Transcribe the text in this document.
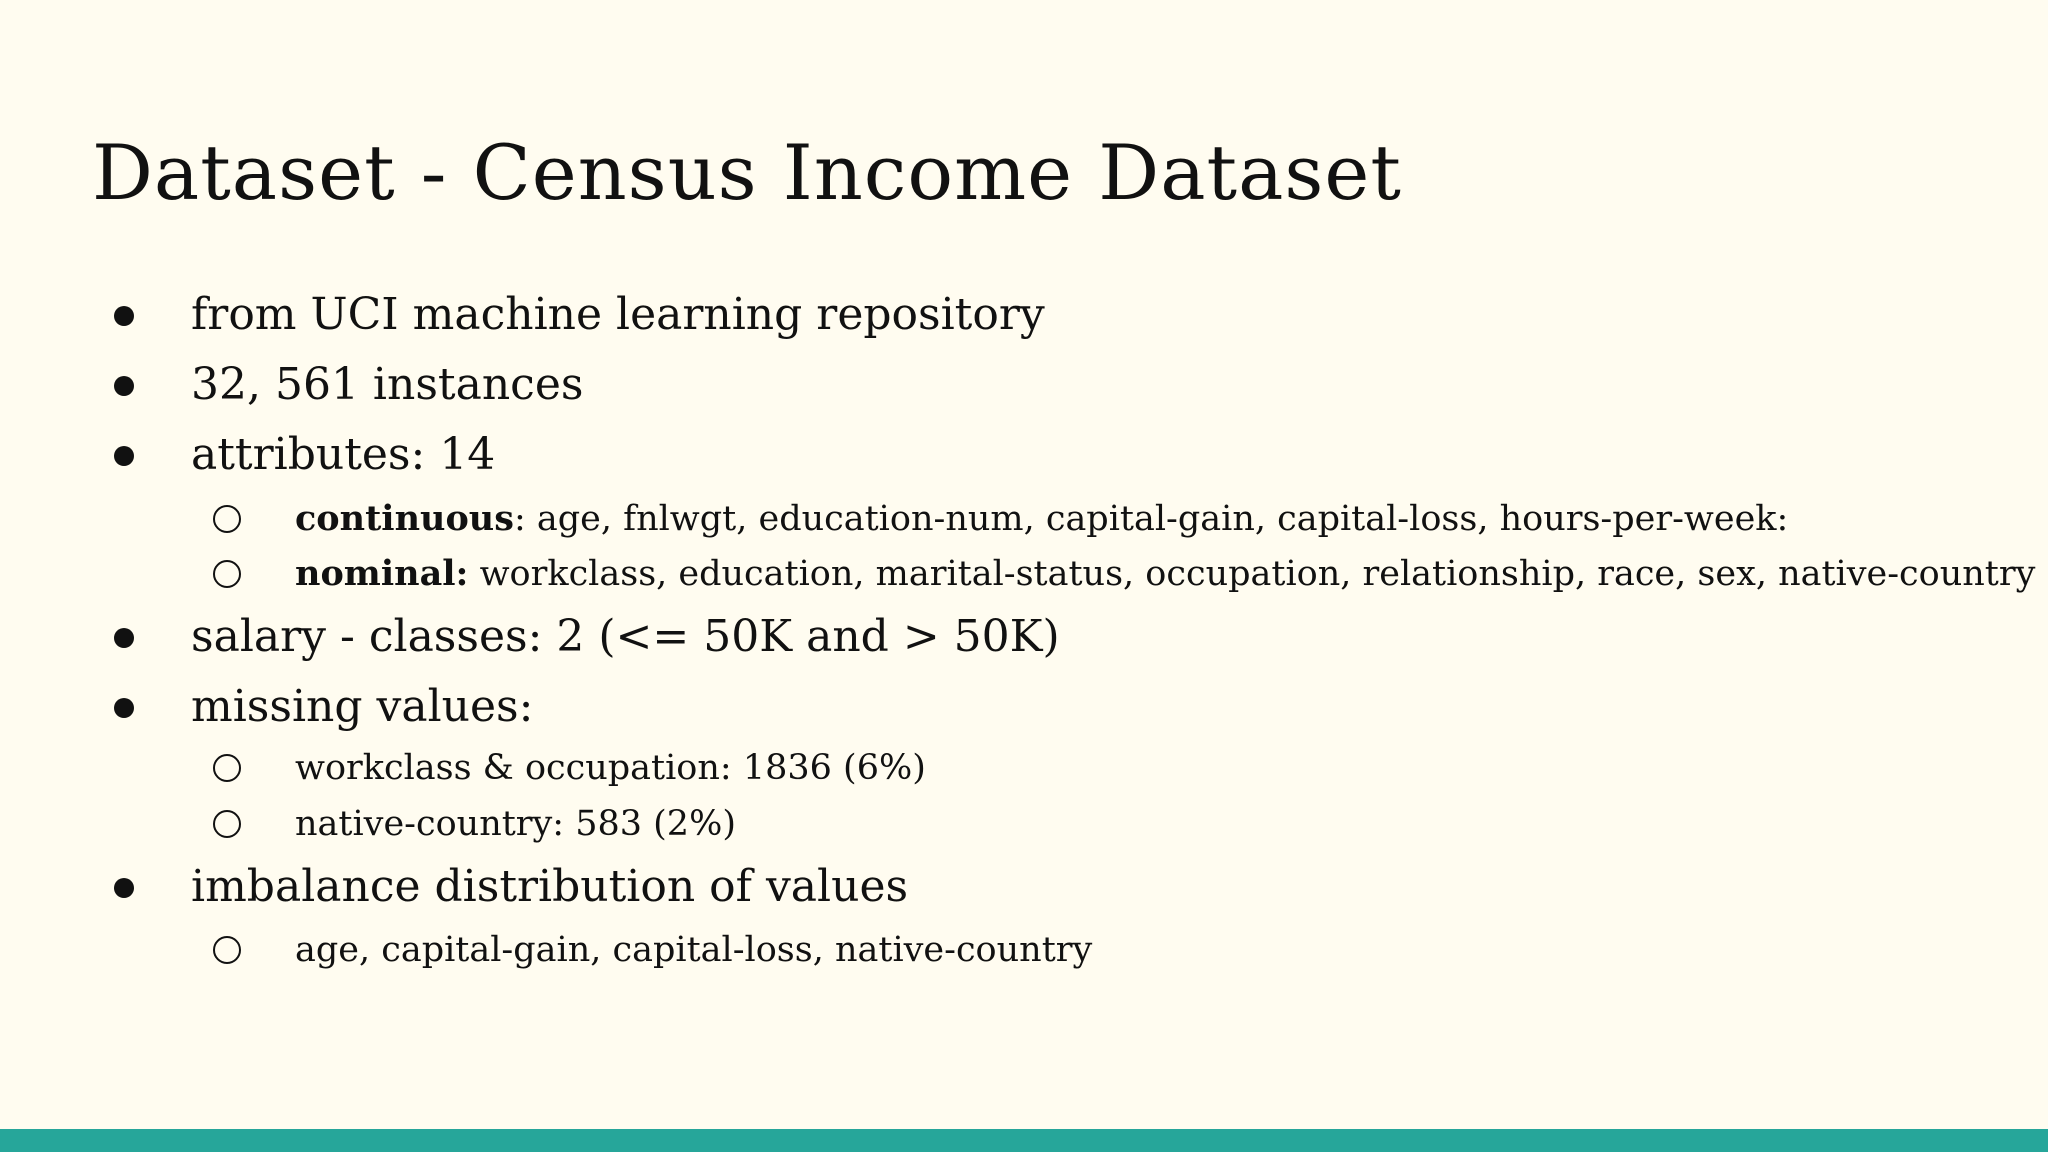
Dataset - Census Income Dataset
from UCI machine learning repository
32, 561 instances
attributes: 14
continuous: age, fnlwgt, education-num, capital-gain, capital-loss, hours-per-week:
nominal: workclass, education, marital-status, occupation, relationship, race, sex, native-country
salary - classes: 2 (<= 50K and > 50K)
missing values:
workclass & occupation: 1836 (6%)
native-country: 583 (2%)
imbalance distribution of values
age, capital-gain, capital-loss, native-country
